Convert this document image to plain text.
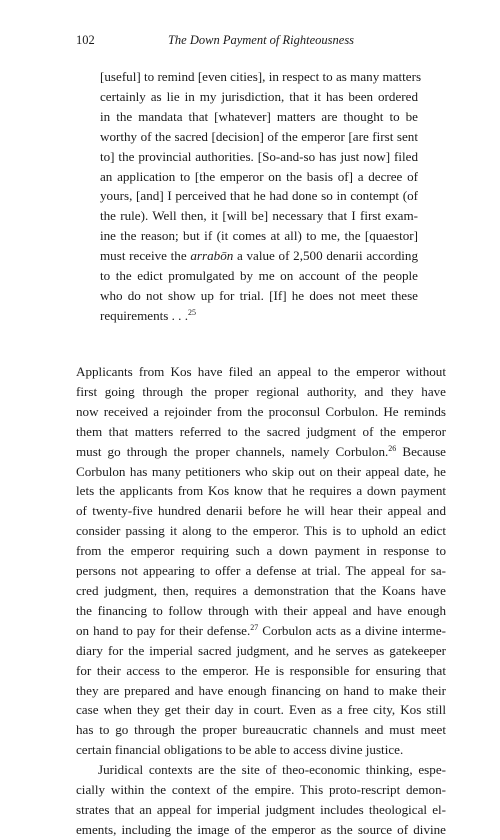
102	The Down Payment of Righteousness

[useful] to remind [even cities], in respect to as many matters
certainly as lie in my jurisdiction, that it has been ordered
in the mandata that [whatever] matters are thought to be
worthy of the sacred [decision] of the emperor [are first sent
to] the provincial authorities. [So-and-so has just now] filed
an application to [the emperor on the basis of] a decree of
yours, [and] I perceived that he had done so in contempt (of
the rule). Well then, it [will be] necessary that I first exam-
ine the reason; but if (it comes at all) to me, the [quaestor]
must receive the arrabōn a value of 2,500 denarii according
to the edict promulgated by me on account of the people
who do not show up for trial. [If] he does not meet these
requirements . . .$^{25}$

Applicants from Kos have filed an appeal to the emperor without
first going through the proper regional authority, and they have
now received a rejoinder from the proconsul Corbulon. He reminds
them that matters referred to the sacred judgment of the emperor
must go through the proper channels, namely Corbulon.$^{26}$ Because
Corbulon has many petitioners who skip out on their appeal date, he
lets the applicants from Kos know that he requires a down payment
of twenty-five hundred denarii before he will hear their appeal and
consider passing it along to the emperor. This is to uphold an edict
from the emperor requiring such a down payment in response to
persons not appearing to offer a defense at trial. The appeal for sa-
cred judgment, then, requires a demonstration that the Koans have
the financing to follow through with their appeal and have enough
on hand to pay for their defense.$^{27}$ Corbulon acts as a divine interme-
diary for the imperial sacred judgment, and he serves as gatekeeper
for their access to the emperor. He is responsible for ensuring that
they are prepared and have enough financing on hand to make their
case when they get their day in court. Even as a free city, Kos still
has to go through the proper bureaucratic channels and must meet
certain financial obligations to be able to access divine justice.

Juridical contexts are the site of theo-economic thinking, espe-
cially within the context of the empire. This proto-rescript demon-
strates that an appeal for imperial judgment includes theological el-
ements, including the image of the emperor as the source of divine
